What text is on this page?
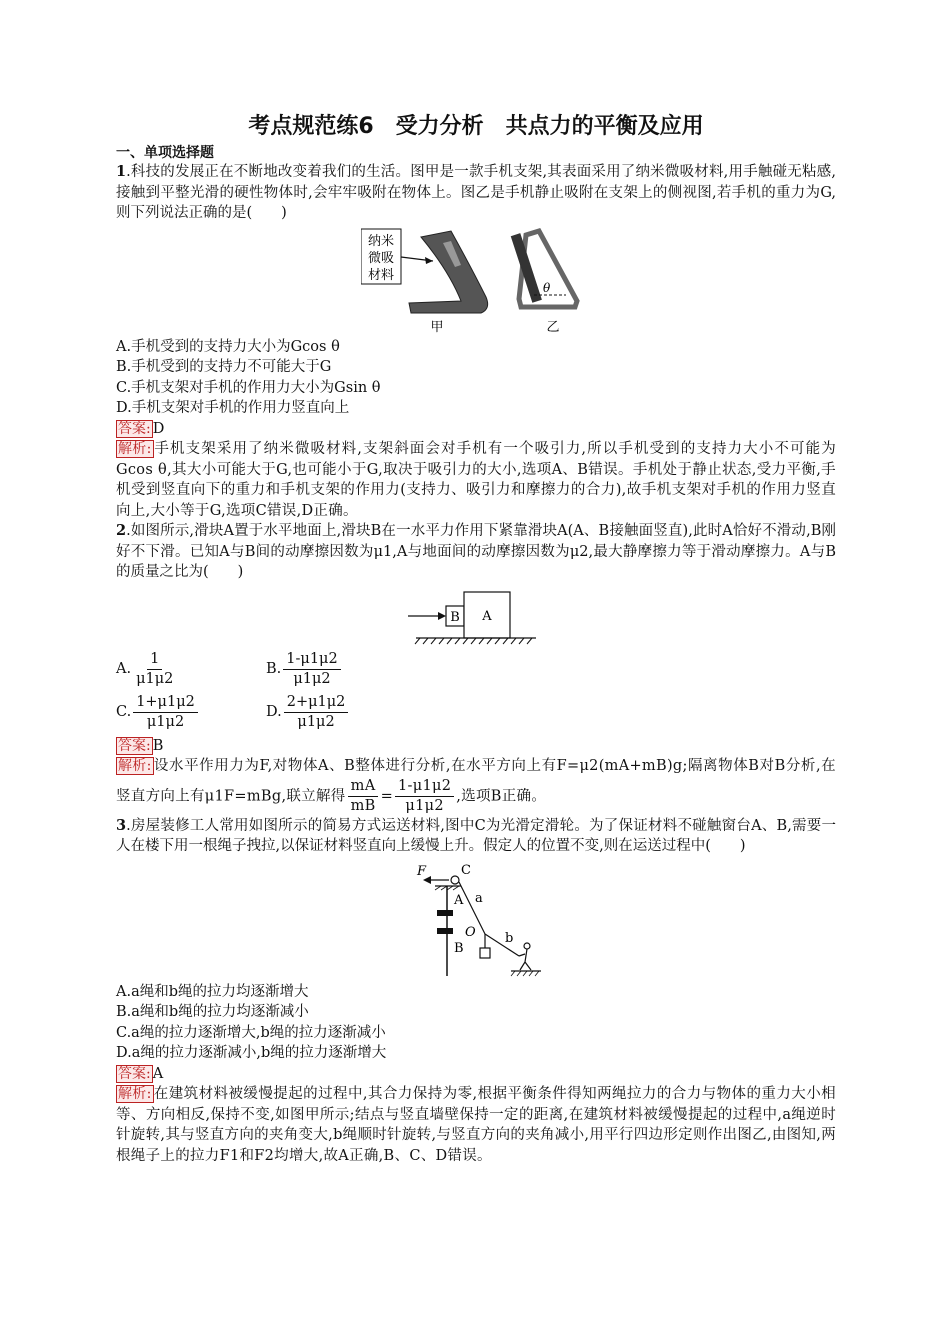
考点规范练6　受力分析　共点力的平衡及应用
一、单项选择题

1.科技的发展正在不断地改变着我们的生活。图甲是一款手机支架,其表面采用了纳米微吸材料,用手触碰无粘感,接触到平整光滑的硬性物体时,会牢牢吸附在物体上。图乙是手机静止吸附在支架上的侧视图,若手机的重力为G,则下列说法正确的是(　　)

纳米
微吸
材料
甲
θ
乙

A.手机受到的支持力大小为Gcos θ

B.手机受到的支持力不可能大于G

C.手机支架对手机的作用力大小为Gsin θ

D.手机支架对手机的作用力竖直向上

答案: D

解析: 手机支架采用了纳米微吸材料,支架斜面会对手机有一个吸引力,所以手机受到的支持力大小不可能为Gcos θ,其大小可能大于G,也可能小于G,取决于吸引力的大小,选项A、B错误。手机处于静止状态,受力平衡,手机受到竖直向下的重力和手机支架的作用力(支持力、吸引力和摩擦力的合力),故手机支架对手机的作用力竖直向上,大小等于G,选项C错误,D正确。

2.如图所示,滑块A置于水平地面上,滑块B在一水平力作用下紧靠滑块A(A、B接触面竖直),此时A恰好不滑动,B刚好不下滑。已知A与B间的动摩擦因数为μ1,A与地面间的动摩擦因数为μ2,最大静摩擦力等于滑动摩擦力。A与B的质量之比为(　　)

B A
A. $\frac{1}{\mu 1\mu 2}$	B. $\frac{1-\mu 1\mu 2}{\mu 1\mu 2}$
C. $\frac{1+\mu 1\mu 2}{\mu 1\mu 2}$	D. $\frac{2+\mu 1\mu 2}{\mu 1\mu 2}$

答案: B

解析: 设水平作用力为F,对物体A、B整体进行分析,在水平方向上有F=μ2(mA+mB)g;隔离物体B对B分析,在竖直方向上有μ1F=mBg,联立解得 $\frac{mA}{mB} = \frac{1-\mu 1\mu 2}{\mu 1\mu 2}$ ,选项B正确。

3.房屋装修工人常用如图所示的简易方式运送材料,图中C为光滑定滑轮。为了保证材料不碰触窗台A、B,需要一人在楼下用一根绳子拽拉,以保证材料竖直向上缓慢上升。假定人的位置不变,则在运送过程中(　　)

F	C
A
B
a
O b

A.a绳和b绳的拉力均逐渐增大

B.a绳和b绳的拉力均逐渐减小

C.a绳的拉力逐渐增大,b绳的拉力逐渐减小

D.a绳的拉力逐渐减小,b绳的拉力逐渐增大

答案: A

解析: 在建筑材料被缓慢提起的过程中,其合力保持为零,根据平衡条件得知两绳拉力的合力与物体的重力大小相等、方向相反,保持不变,如图甲所示;结点与竖直墙壁保持一定的距离,在建筑材料被缓慢提起的过程中,a绳逆时针旋转,其与竖直方向的夹角变大,b绳顺时针旋转,与竖直方向的夹角减小,用平行四边形定则作出图乙,由图知,两根绳子上的拉力F1和F2均增大,故A正确,B、C、D错误。
